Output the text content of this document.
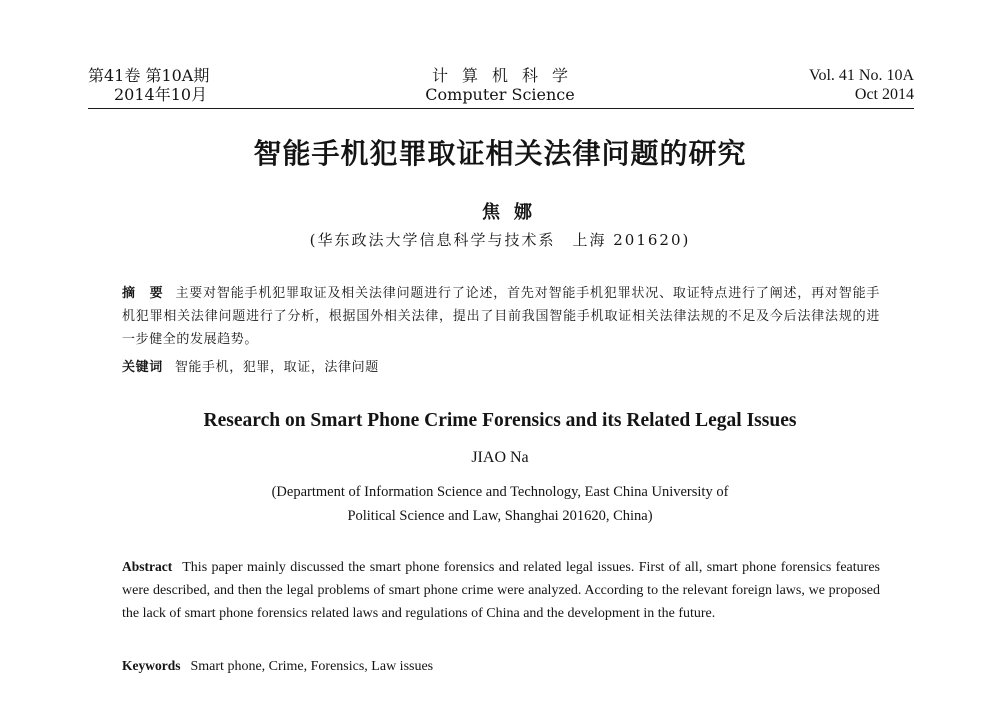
第41卷 第10A期
2014年10月
计算机科学
Computer Science
Vol. 41 No. 10A
Oct 2014
智能手机犯罪取证相关法律问题的研究
焦娜
(华东政法大学信息科学与技术系　上海 201620)
摘　要 主要对智能手机犯罪取证及相关法律问题进行了论述，首先对智能手机犯罪状况、取证特点进行了阐述，再对智能手机犯罪相关法律问题进行了分析，根据国外相关法律，提出了目前我国智能手机取证相关法律法规的不足及今后法律法规的进一步健全的发展趋势。
关键词 智能手机，犯罪，取证，法律问题
Research on Smart Phone Crime Forensics and its Related Legal Issues
JIAO Na
(Department of Information Science and Technology, East China University of
Political Science and Law, Shanghai 201620, China)
Abstract This paper mainly discussed the smart phone forensics and related legal issues. First of all, smart phone forensics features were described, and then the legal problems of smart phone crime were analyzed. According to the relevant foreign laws, we proposed the lack of smart phone forensics related laws and regulations of China and the development in the future.
Keywords Smart phone, Crime, Forensics, Law issues
